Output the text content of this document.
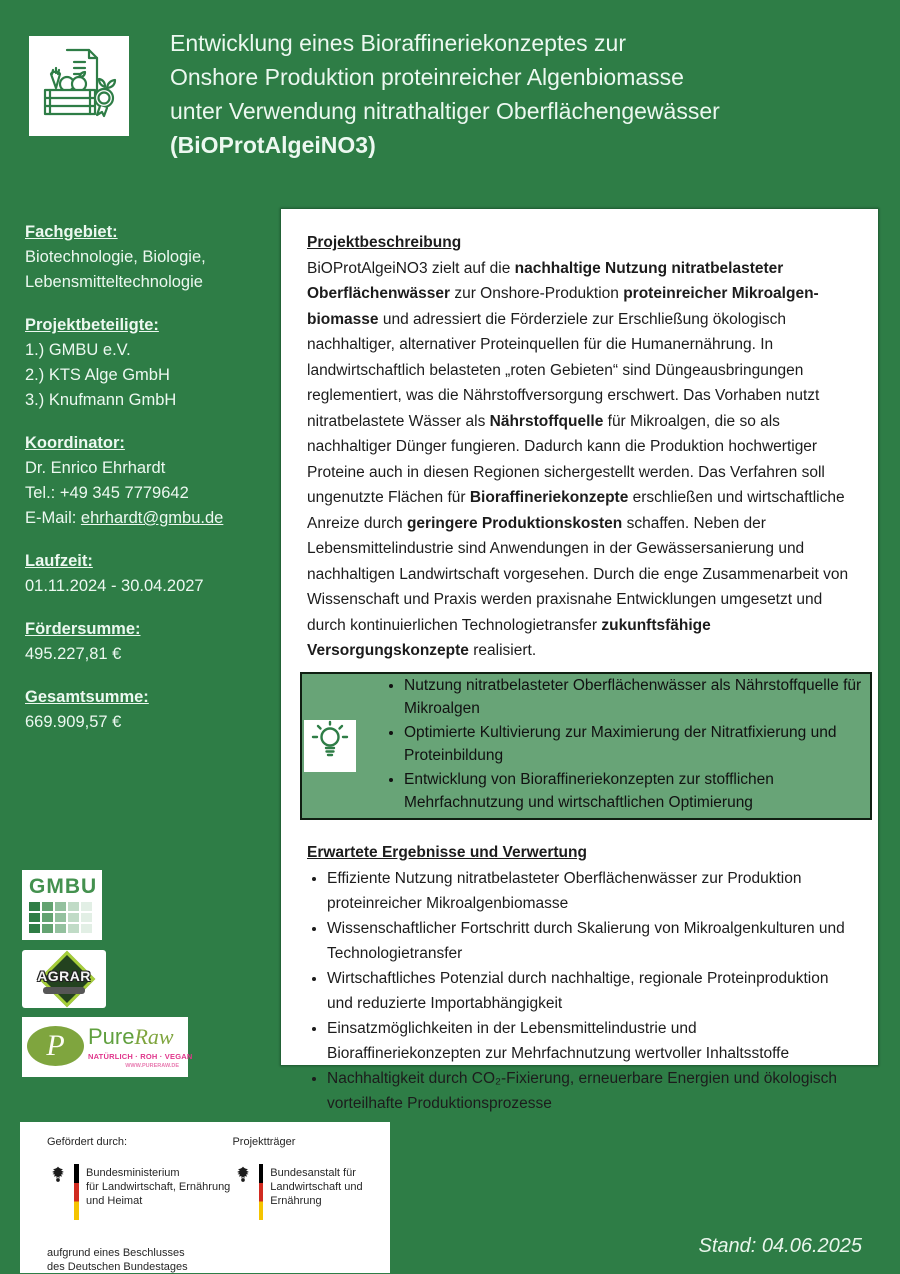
Entwicklung eines Bioraffineriekonzeptes zur
Onshore Produktion proteinreicher Algenbiomasse
unter Verwendung nitrathaltiger Oberflächengewässer
(BiOProtAlgeiNO3)
Fachgebiet:
Biotechnologie, Biologie,
Lebensmitteltechnologie
Projektbeteiligte:
1.) GMBU e.V.
2.) KTS Alge GmbH
3.) Knufmann GmbH
Koordinator:
Dr. Enrico Ehrhardt
Tel.: +49 345 7779642
E-Mail: ehrhardt@gmbu.de
Laufzeit:
01.11.2024 - 30.04.2027
Fördersumme:
495.227,81 €
Gesamtsumme:
669.909,57 €
Projektbeschreibung

BiOProtAlgeiNO3 zielt auf die nachhaltige Nutzung nitratbelasteter Oberflächenwässer zur Onshore-Produktion proteinreicher Mikroalgenbiomasse und adressiert die Förderziele zur Erschließung ökologisch nachhaltiger, alternativer Proteinquellen für die Humanernährung. In landwirtschaftlich belasteten „roten Gebieten“ sind Düngeausbringungen reglementiert, was die Nährstoffversorgung erschwert. Das Vorhaben nutzt nitratbelastete Wässer als Nährstoffquelle für Mikroalgen, die so als nachhaltiger Dünger fungieren. Dadurch kann die Produktion hochwertiger Proteine auch in diesen Regionen sichergestellt werden. Das Verfahren soll ungenutzte Flächen für Bioraffineriekonzepte erschließen und wirtschaftliche Anreize durch geringere Produktionskosten schaffen. Neben der Lebensmittelindustrie sind Anwendungen in der Gewässersanierung und nachhaltigen Landwirtschaft vorgesehen. Durch die enge Zusammenarbeit von Wissenschaft und Praxis werden praxisnahe Entwicklungen umgesetzt und durch kontinuierlichen Technologietransfer zukunftsfähige Versorgungskonzepte realisiert.

• Nutzung nitratbelasteter Oberflächenwässer als Nährstoffquelle für Mikroalgen
• Optimierte Kultivierung zur Maximierung der Nitratfixierung und Proteinbildung
• Entwicklung von Bioraffineriekonzepten zur stofflichen Mehrfachnutzung und wirtschaftlichen Optimierung
Erwartete Ergebnisse und Verwertung
• Effiziente Nutzung nitratbelasteter Oberflächenwässer zur Produktion proteinreicher Mikroalgenbiomasse
• Wissenschaftlicher Fortschritt durch Skalierung von Mikroalgenkulturen und Technologietransfer
• Wirtschaftliches Potenzial durch nachhaltige, regionale Proteinproduktion und reduzierte Importabhängigkeit
• Einsatzmöglichkeiten in der Lebensmittelindustrie und Bioraffineriekonzepten zur Mehrfachnutzung wertvoller Inhaltsstoffe
• Nachhaltigkeit durch CO₂-Fixierung, erneuerbare Energien und ökologisch vorteilhafte Produktionsprozesse
GMBU
AGRAR
P PureRaw
NATÜRLICH · ROH · VEGAN
WWW.PURERAW.DE
Gefördert durch:
Bundesministerium
für Landwirtschaft, Ernährung
und Heimat
aufgrund eines Beschlusses
des Deutschen Bundestages
Projektträger
Bundesanstalt für
Landwirtschaft und Ernährung
Stand: 04.06.2025
